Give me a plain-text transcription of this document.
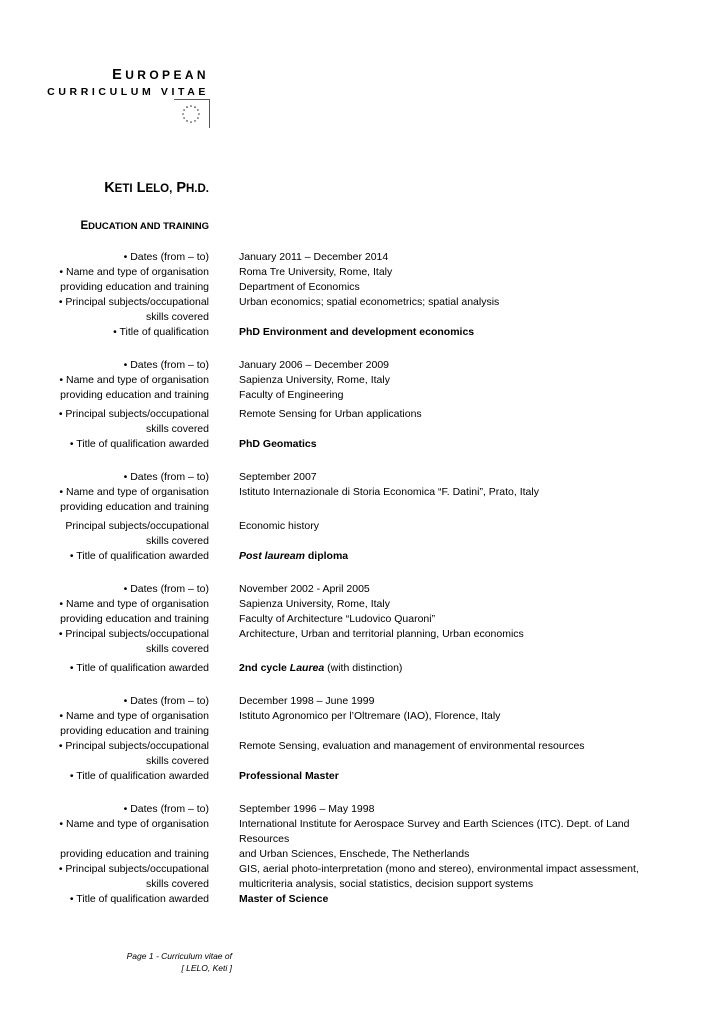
EUROPEAN
CURRICULUM VITAE
KETI LELO, PH.D.
EDUCATION AND TRAINING
• Dates (from – to)	January 2011 – December 2014
• Name and type of organisation	Roma Tre University, Rome, Italy
providing education and training	Department of Economics
• Principal subjects/occupational	Urban economics; spatial econometrics; spatial analysis
skills covered
• Title of qualification	PhD Environment and development economics
• Dates (from – to)	January 2006 – December 2009
• Name and type of organisation	Sapienza University, Rome, Italy
providing education and training	Faculty of Engineering
• Principal subjects/occupational	Remote Sensing for Urban applications
skills covered
• Title of qualification awarded	PhD Geomatics
• Dates (from – to)	September 2007
• Name and type of organisation	Istituto Internazionale di Storia Economica “F. Datini”, Prato, Italy
providing education and training
Principal subjects/occupational	Economic history
skills covered
• Title of qualification awarded	Post lauream diploma
• Dates (from – to)	November 2002 - April 2005
• Name and type of organisation	Sapienza University, Rome, Italy
providing education and training	Faculty of Architecture “Ludovico Quaroni”
• Principal subjects/occupational	Architecture, Urban and territorial planning, Urban economics
skills covered
• Title of qualification awarded	2nd cycle Laurea (with distinction)
• Dates (from – to)	December 1998 – June 1999
• Name and type of organisation	Istituto Agronomico per l’Oltremare (IAO), Florence, Italy
providing education and training
• Principal subjects/occupational	Remote Sensing, evaluation and management of environmental resources
skills covered
• Title of qualification awarded	Professional Master
• Dates (from – to)	September 1996 – May 1998
• Name and type of organisation	International Institute for Aerospace Survey and Earth Sciences (ITC). Dept. of Land Resources
providing education and training	and Urban Sciences, Enschede, The Netherlands
• Principal subjects/occupational	GIS, aerial photo-interpretation (mono and stereo), environmental impact assessment,
skills covered	multicriteria analysis, social statistics, decision support systems
• Title of qualification awarded	Master of Science
Page 1 - Curriculum vitae of
[ LELO, Keti ]
